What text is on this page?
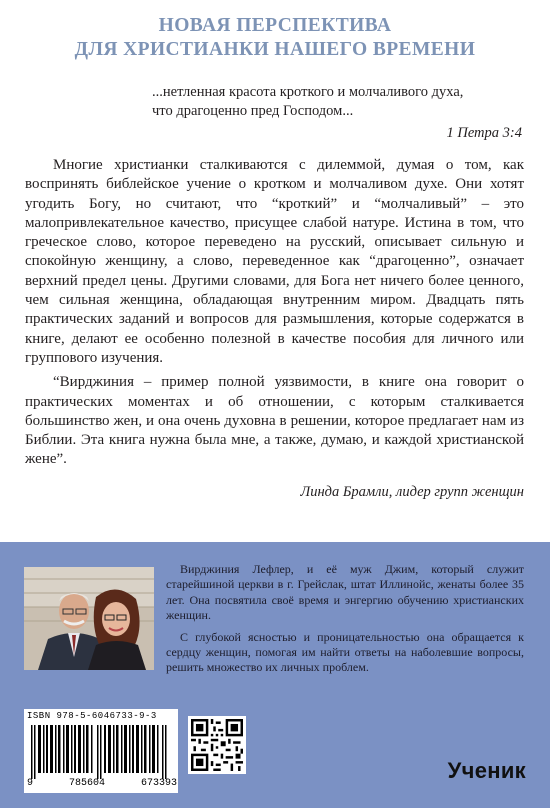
НОВАЯ ПЕРСПЕКТИВА
ДЛЯ ХРИСТИАНКИ НАШЕГО ВРЕМЕНИ
...нетленная красота кроткого и молчаливого духа,
что драгоценно пред Господом...
1 Петра 3:4

Многие христианки сталкиваются с дилеммой, думая о том, как воспринять библейское учение о кротком и молчаливом духе. Они хотят угодить Богу, но считают, что “кроткий” и “молчаливый” – это малопривлекательное качество, присущее слабой натуре. Истина в том, что греческое слово, которое переведено на русский, описывает сильную и спокойную женщину, а слово, переведенное как “драгоценно”, означает верхний предел цены. Другими словами, для Бога нет ничего более ценного, чем сильная женщина, обладающая внутренним миром. Двадцать пять практических заданий и вопросов для размышления, которые содержатся в книге, делают ее особенно полезной в качестве пособия для личного или группового изучения.

“Вирджиния – пример полной уязвимости, в книге она говорит о практических моментах и об отношении, с которым сталкивается большинство жен, и она очень духовна в решении, которое предлагает нам из Библии. Эта книга нужна была мне, а также, думаю, и каждой христианской жене”.

Линда Брамли, лидер групп женщин

Вирджиния Лефлер, и её муж Джим, который служит старейшиной церкви в г. Грейслак, штат Иллинойс, женаты более 35 лет. Она посвятила своё время и энгергию обучению христианских женщин.

С глубокой ясностью и проницательностью она обращается к сердцу женщин, помогая им найти ответы на наболевшие вопросы, решить множество их личных проблем.

ISBN 978-5-6046733-9-3
9	785604	673393
Ученик
